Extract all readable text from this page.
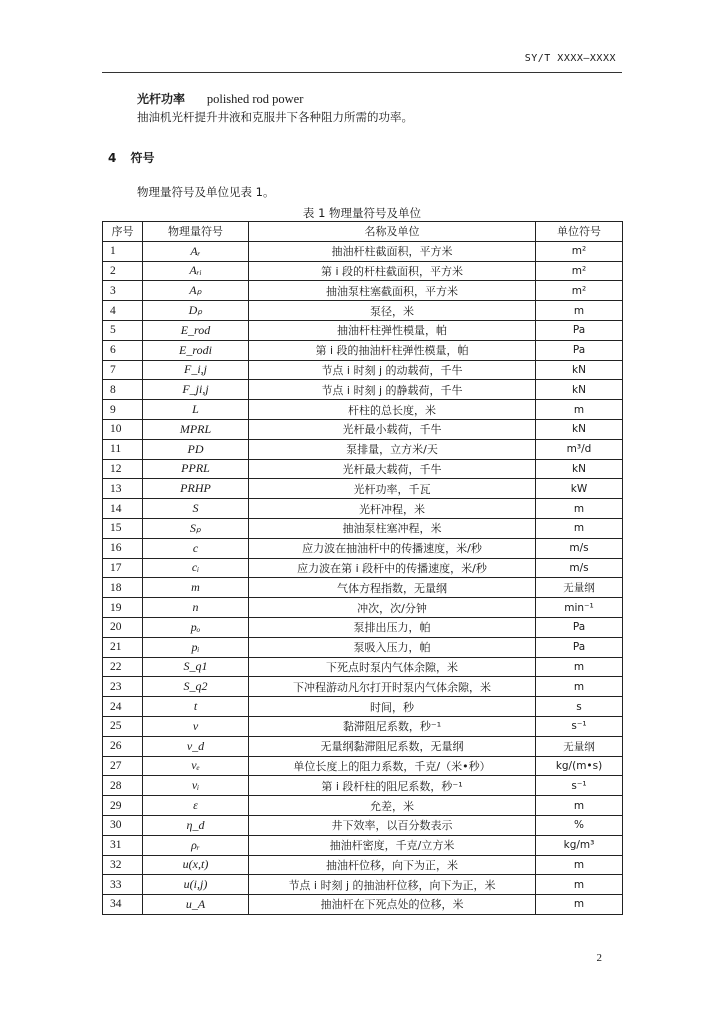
SY/T XXXX—XXXX
光杆功率 polished rod power
抽油机光杆提升井液和克服井下各种阻力所需的功率。
4 符号
物理量符号及单位见表 1。
表 1 物理量符号及单位
序号	物理量符号	名称及单位	单位符号
1	Aᵣ	抽油杆柱截面积，平方米	m²
2	Aᵣᵢ	第 i 段的杆柱截面积，平方米	m²
3	Aₚ	抽油泵柱塞截面积，平方米	m²
4	Dₚ	泵径，米	m
5	E_rod	抽油杆柱弹性模量，帕	Pa
6	E_rodi	第 i 段的抽油杆柱弹性模量，帕	Pa
7	F_i,j	节点 i 时刻 j 的动载荷，千牛	kN
8	F_ji,j	节点 i 时刻 j 的静载荷，千牛	kN
9	L	杆柱的总长度，米	m
10	MPRL	光杆最小载荷，千牛	kN
11	PD	泵排量，立方米/天	m³/d
12	PPRL	光杆最大载荷，千牛	kN
13	PRHP	光杆功率，千瓦	kW
14	S	光杆冲程，米	m
15	Sₚ	抽油泵柱塞冲程，米	m
16	c	应力波在抽油杆中的传播速度，米/秒	m/s
17	cᵢ	应力波在第 i 段杆中的传播速度，米/秒	m/s
18	m	气体方程指数，无量纲	无量纲
19	n	冲次，次/分钟	min⁻¹
20	pₒ	泵排出压力，帕	Pa
21	pᵢ	泵吸入压力，帕	Pa
22	S_q1	下死点时泵内气体余隙，米	m
23	S_q2	下冲程游动凡尔打开时泵内气体余隙，米	m
24	t	时间，秒	s
25	v	黏滞阻尼系数，秒⁻¹	s⁻¹
26	v_d	无量纲黏滞阻尼系数，无量纲	无量纲
27	vₑ	单位长度上的阻力系数，千克/（米•秒）	kg/(m•s)
28	vᵢ	第 i 段杆柱的阻尼系数，秒⁻¹	s⁻¹
29	ε	允差，米	m
30	η_d	井下效率，以百分数表示	%
31	ρᵣ	抽油杆密度，千克/立方米	kg/m³
32	u(x,t)	抽油杆位移，向下为正，米	m
33	u(i,j)	节点 i 时刻 j 的抽油杆位移，向下为正，米	m
34	u_A	抽油杆在下死点处的位移，米	m
2
